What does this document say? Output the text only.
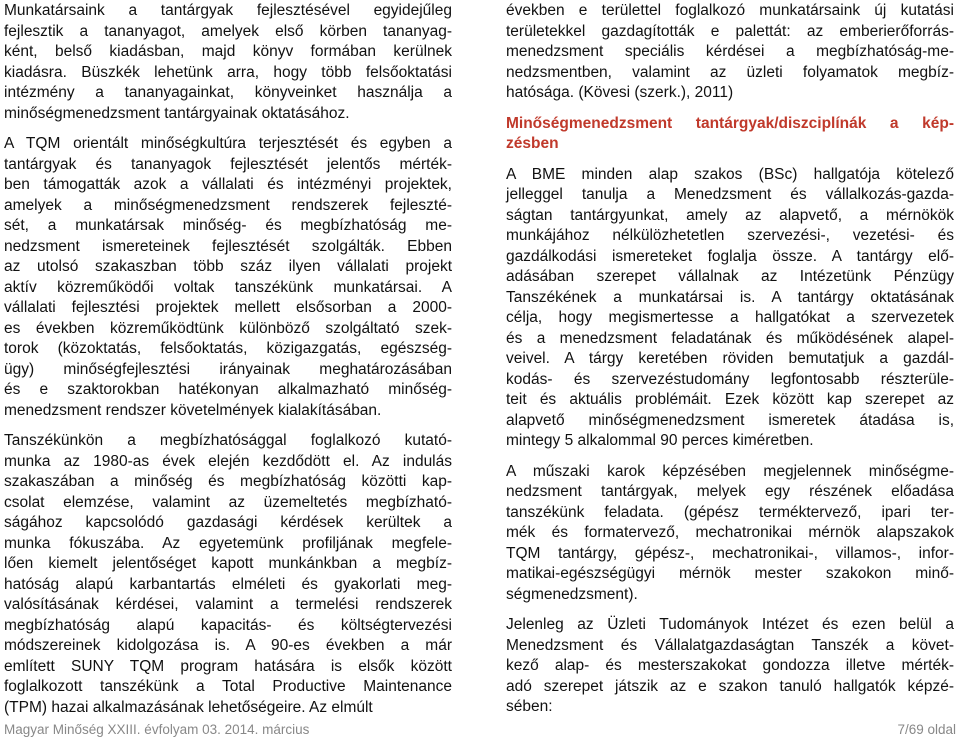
Munkatársaink a tantárgyak fejlesztésével egyidejűleg
fejlesztik a tananyagot, amelyek első körben tananyag-
ként, belső kiadásban, majd könyv formában kerülnek
kiadásra. Büszkék lehetünk arra, hogy több felsőoktatási
intézmény a tananyagainkat, könyveinket használja a
minőségmenedzsment tantárgyainak oktatásához.

A TQM orientált minőségkultúra terjesztését és egyben a
tantárgyak és tananyagok fejlesztését jelentős mérték-
ben támogatták azok a vállalati és intézményi projektek,
amelyek a minőségmenedzsment rendszerek fejleszté-
sét, a munkatársak minőség- és megbízhatóság me-
nedzsment ismereteinek fejlesztését szolgálták. Ebben
az utolsó szakaszban több száz ilyen vállalati projekt
aktív közreműködői voltak tanszékünk munkatársai. A
vállalati fejlesztési projektek mellett elsősorban a 2000-
es években közreműködtünk különböző szolgáltató szek-
torok (közoktatás, felsőoktatás, közigazgatás, egészség-
ügy) minőségfejlesztési irányainak meghatározásában
és e szaktorokban hatékonyan alkalmazható minőség-
menedzsment rendszer követelmények kialakításában.

Tanszékünkön a megbízhatósággal foglalkozó kutató-
munka az 1980-as évek elején kezdődött el. Az indulás
szakaszában a minőség és megbízhatóság közötti kap-
csolat elemzése, valamint az üzemeltetés megbízható-
ságához kapcsolódó gazdasági kérdések kerültek a
munka fókuszába. Az egyetemünk profiljának megfele-
lően kiemelt jelentőséget kapott munkánkban a megbíz-
hatóság alapú karbantartás elméleti és gyakorlati meg-
valósításának kérdései, valamint a termelési rendszerek
megbízhatóság alapú kapacitás- és költségtervezési
módszereinek kidolgozása is. A 90-es években a már
említett SUNY TQM program hatására is elsők között
foglalkozott tanszékünk a Total Productive Maintenance
(TPM) hazai alkalmazásának lehetőségeire. Az elmúlt

években e területtel foglalkozó munkatársaink új kutatási
területekkel gazdagították e palettát: az emberierőforrás-
menedzsment speciális kérdései a megbízhatóság-me-
nedzsmentben, valamint az üzleti folyamatok megbíz-
hatósága. (Kövesi (szerk.), 2011)

Minőségmenedzsment tantárgyak/diszciplínák a kép-
zésben

A BME minden alap szakos (BSc) hallgatója kötelező
jelleggel tanulja a Menedzsment és vállalkozás-gazda-
ságtan tantárgyunkat, amely az alapvető, a mérnökök
munkájához nélkülözhetetlen szervezési-, vezetési- és
gazdálkodási ismereteket foglalja össze. A tantárgy elő-
adásában szerepet vállalnak az Intézetünk Pénzügy
Tanszékének a munkatársai is. A tantárgy oktatásának
célja, hogy megismertesse a hallgatókat a szervezetek
és a menedzsment feladatának és működésének alapel-
veivel. A tárgy keretében röviden bemutatjuk a gazdál-
kodás- és szervezéstudomány legfontosabb részterüle-
teit és aktuális problémáit. Ezek között kap szerepet az
alapvető minőségmenedzsment ismeretek átadása is,
mintegy 5 alkalommal 90 perces kiméretben.

A műszaki karok képzésében megjelennek minőségme-
nedzsment tantárgyak, melyek egy részének előadása
tanszékünk feladata. (gépész terméktervező, ipari ter-
mék és formatervező, mechatronikai mérnök alapszakok
TQM tantárgy, gépész-, mechatronikai-, villamos-, infor-
matikai-egészségügyi mérnök mester szakokon minő-
ségmenedzsment).

Jelenleg az Üzleti Tudományok Intézet és ezen belül a
Menedzsment és Vállalatgazdaságtan Tanszék a követ-
kező alap- és mesterszakokat gondozza illetve mérték-
adó szerepet játszik az e szakon tanuló hallgatók képzé-
sében:

Magyar Minőség XXIII. évfolyam 03. 2014. március	7/69 oldal
